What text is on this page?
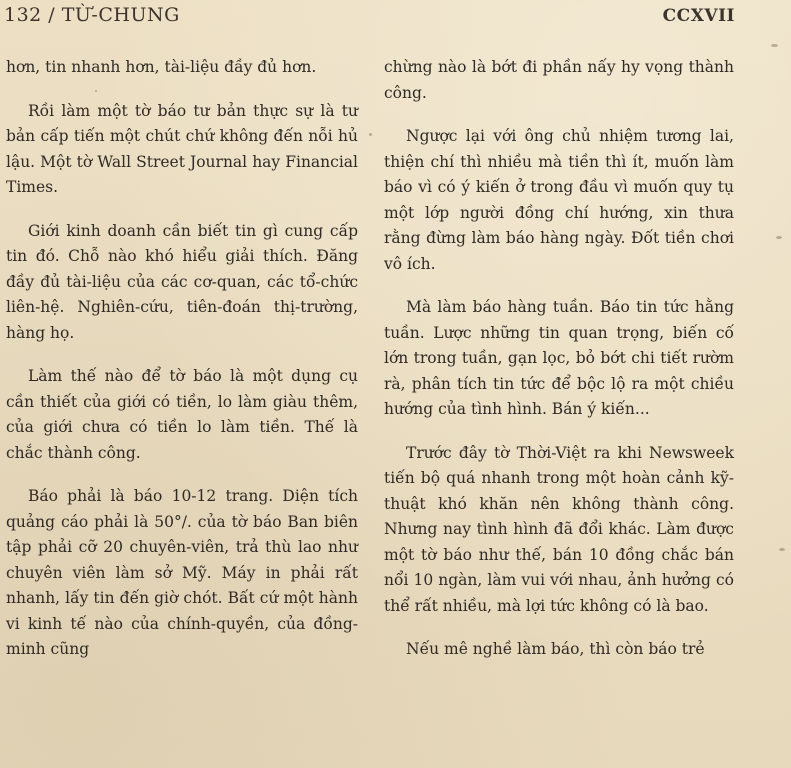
132 / TỪ-CHUNG	CCXVII

hơn, tin nhanh hơn, tài-liệu đầy đủ hơn.

Rồi làm một tờ báo tư bản thực sự là tư bản cấp tiến một chút chứ không đến nỗi hủ lậu. Một tờ Wall Street Journal hay Financial Times.

Giới kinh doanh cần biết tin gì cung cấp tin đó. Chỗ nào khó hiểu giải thích. Đăng đầy đủ tài-liệu của các cơ-quan, các tổ-chức liên-hệ. Nghiên-cứu, tiên-đoán thị-trường, hàng họ.

Làm thế nào để tờ báo là một dụng cụ cần thiết của giới có tiền, lo làm giàu thêm, của giới chưa có tiền lo làm tiền. Thế là chắc thành công.

Báo phải là báo 10-12 trang. Diện tích quảng cáo phải là 50°/. của tờ báo Ban biên tập phải cỡ 20 chuyên-viên, trả thù lao như chuyên viên làm sở Mỹ. Máy in phải rất nhanh, lấy tin đến giờ chót. Bất cứ một hành vi kinh tế nào của chính-quyền, của đồng-minh cũng

chừng nào là bớt đi phần nấy hy vọng thành công.

Ngược lại với ông chủ nhiệm tương lai, thiện chí thì nhiều mà tiền thì ít, muốn làm báo vì có ý kiến ở trong đầu vì muốn quy tụ một lớp người đồng chí hướng, xin thưa rằng đừng làm báo hàng ngày. Đốt tiền chơi vô ích.

Mà làm báo hàng tuần. Báo tin tức hằng tuần. Lược những tin quan trọng, biến cố lớn trong tuần, gạn lọc, bỏ bớt chi tiết rườm rà, phân tích tin tức để bộc lộ ra một chiều hướng của tình hình. Bán ý kiến...

Trước đây tờ Thời-Việt ra khi Newsweek tiến bộ quá nhanh trong một hoàn cảnh kỹ-thuật khó khăn nên không thành công. Nhưng nay tình hình đã đổi khác. Làm được một tờ báo như thế, bán 10 đồng chắc bán nổi 10 ngàn, làm vui với nhau, ảnh hưởng có thể rất nhiều, mà lợi tức không có là bao.

Nếu mê nghề làm báo, thì còn báo trẻ
